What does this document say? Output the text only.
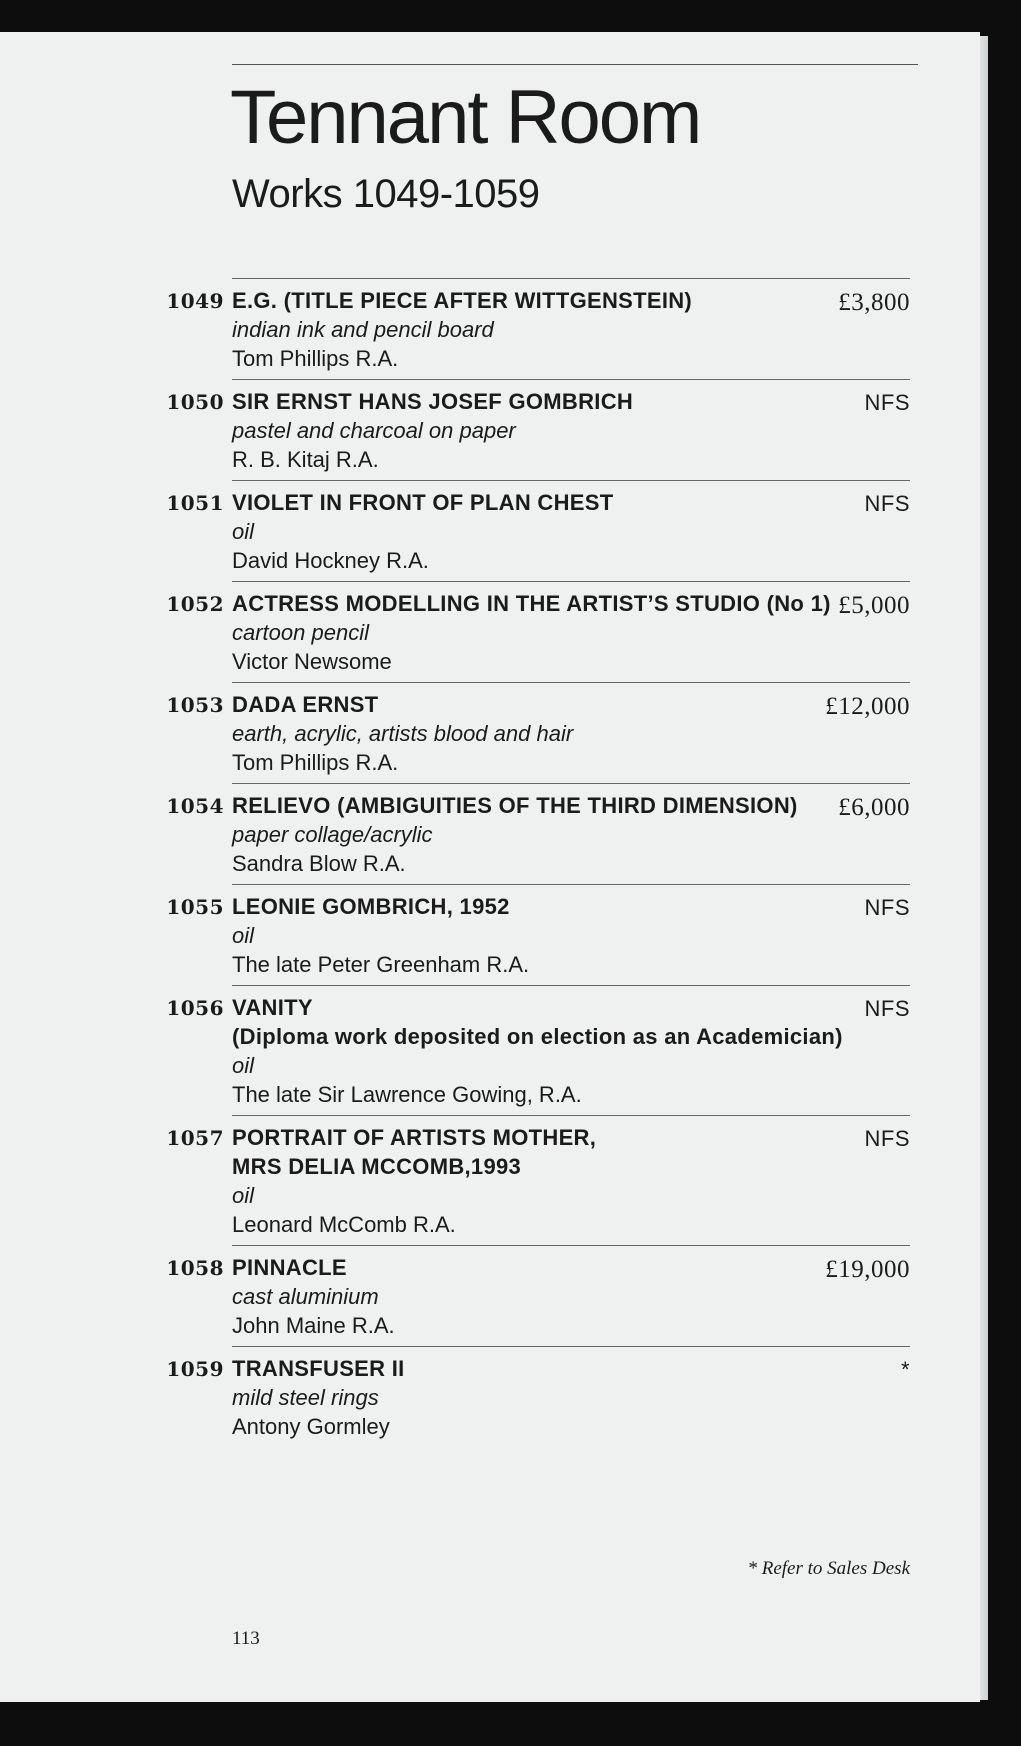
Tennant Room
Works 1049-1059
1049	£3,800
E.G. (TITLE PIECE AFTER WITTGENSTEIN)
indian ink and pencil board
Tom Phillips R.A.
1050	NFS
SIR ERNST HANS JOSEF GOMBRICH
pastel and charcoal on paper
R. B. Kitaj R.A.
1051	NFS
VIOLET IN FRONT OF PLAN CHEST
oil
David Hockney R.A.
1052	£5,000
ACTRESS MODELLING IN THE ARTIST’S STUDIO (No 1)
cartoon pencil
Victor Newsome
1053	£12,000
DADA ERNST
earth, acrylic, artists blood and hair
Tom Phillips R.A.
1054	£6,000
RELIEVO (AMBIGUITIES OF THE THIRD DIMENSION)
paper collage/acrylic
Sandra Blow R.A.
1055	NFS
LEONIE GOMBRICH, 1952
oil
The late Peter Greenham R.A.
1056	NFS
VANITY
(Diploma work deposited on election as an Academician)
oil
The late Sir Lawrence Gowing, R.A.
1057	NFS
PORTRAIT OF ARTISTS MOTHER,
MRS DELIA MCCOMB,1993
oil
Leonard McComb R.A.
1058	£19,000
PINNACLE
cast aluminium
John Maine R.A.
1059	*
TRANSFUSER II
mild steel rings
Antony Gormley
* Refer to Sales Desk
113
